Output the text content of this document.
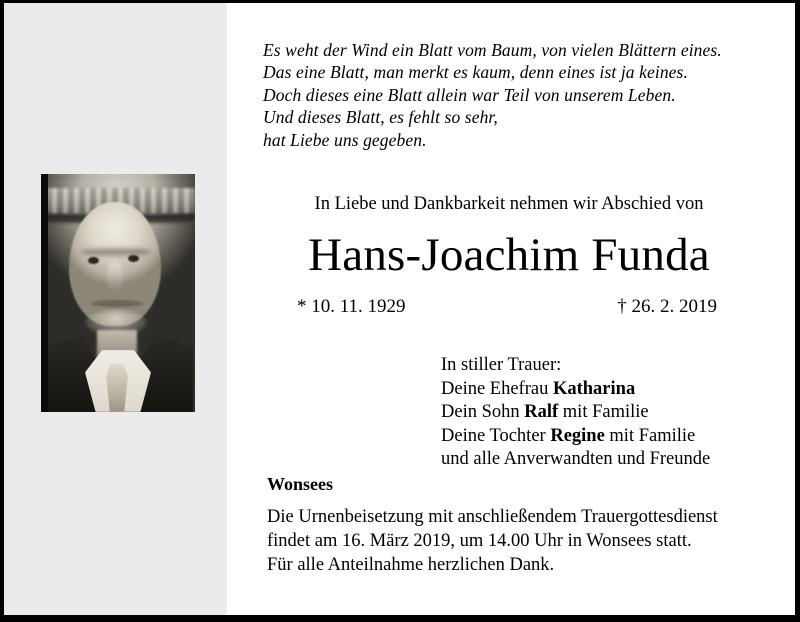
Es weht der Wind ein Blatt vom Baum, von vielen Blättern eines.
Das eine Blatt, man merkt es kaum, denn eines ist ja keines.
Doch dieses eine Blatt allein war Teil von unserem Leben.
Und dieses Blatt, es fehlt so sehr,
hat Liebe uns gegeben.
In Liebe und Dankbarkeit nehmen wir Abschied von
Hans-Joachim Funda
* 10. 11. 1929	† 26. 2. 2019
In stiller Trauer:
Deine Ehefrau Katharina
Dein Sohn Ralf mit Familie
Deine Tochter Regine mit Familie
und alle Anverwandten und Freunde
Wonsees
Die Urnenbeisetzung mit anschließendem Trauergottesdienst
findet am 16. März 2019, um 14.00 Uhr in Wonsees statt.
Für alle Anteilnahme herzlichen Dank.
